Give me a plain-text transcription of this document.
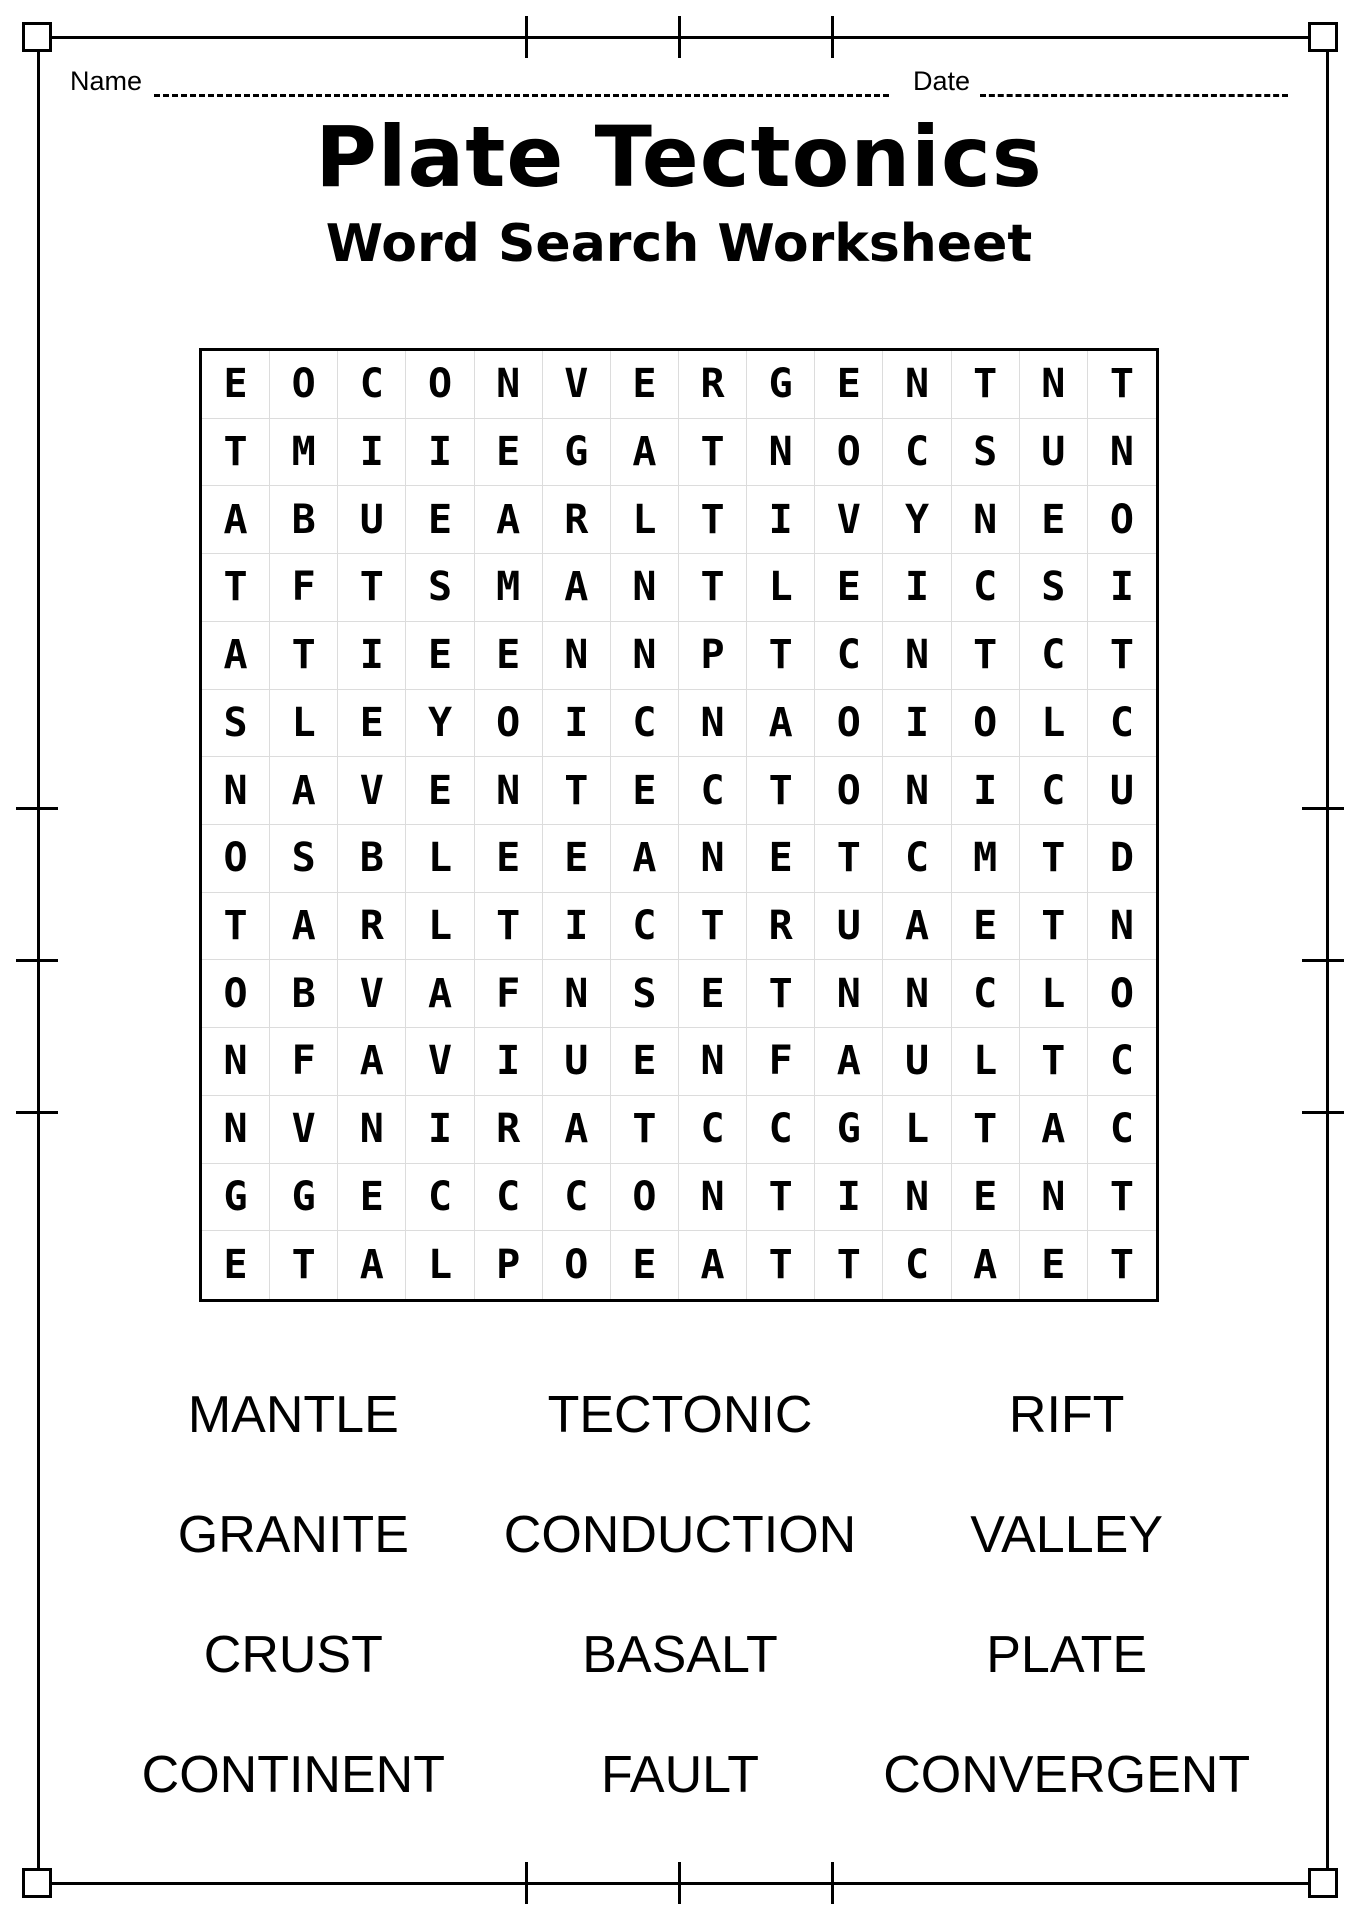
Name	Date
Plate Tectonics
Word Search Worksheet
E	O	C	O	N	V	E	R	G	E	N	T	N	T
T	M	I	I	E	G	A	T	N	O	C	S	U	N
A	B	U	E	A	R	L	T	I	V	Y	N	E	O
T	F	T	S	M	A	N	T	L	E	I	C	S	I
A	T	I	E	E	N	N	P	T	C	N	T	C	T
S	L	E	Y	O	I	C	N	A	O	I	O	L	C
N	A	V	E	N	T	E	C	T	O	N	I	C	U
O	S	B	L	E	E	A	N	E	T	C	M	T	D
T	A	R	L	T	I	C	T	R	U	A	E	T	N
O	B	V	A	F	N	S	E	T	N	N	C	L	O
N	F	A	V	I	U	E	N	F	A	U	L	T	C
N	V	N	I	R	A	T	C	C	G	L	T	A	C
G	G	E	C	C	C	O	N	T	I	N	E	N	T
E	T	A	L	P	O	E	A	T	T	C	A	E	T
MANTLE	TECTONIC	RIFT
GRANITE	CONDUCTION	VALLEY
CRUST	BASALT	PLATE
CONTINENT	FAULT	CONVERGENT
